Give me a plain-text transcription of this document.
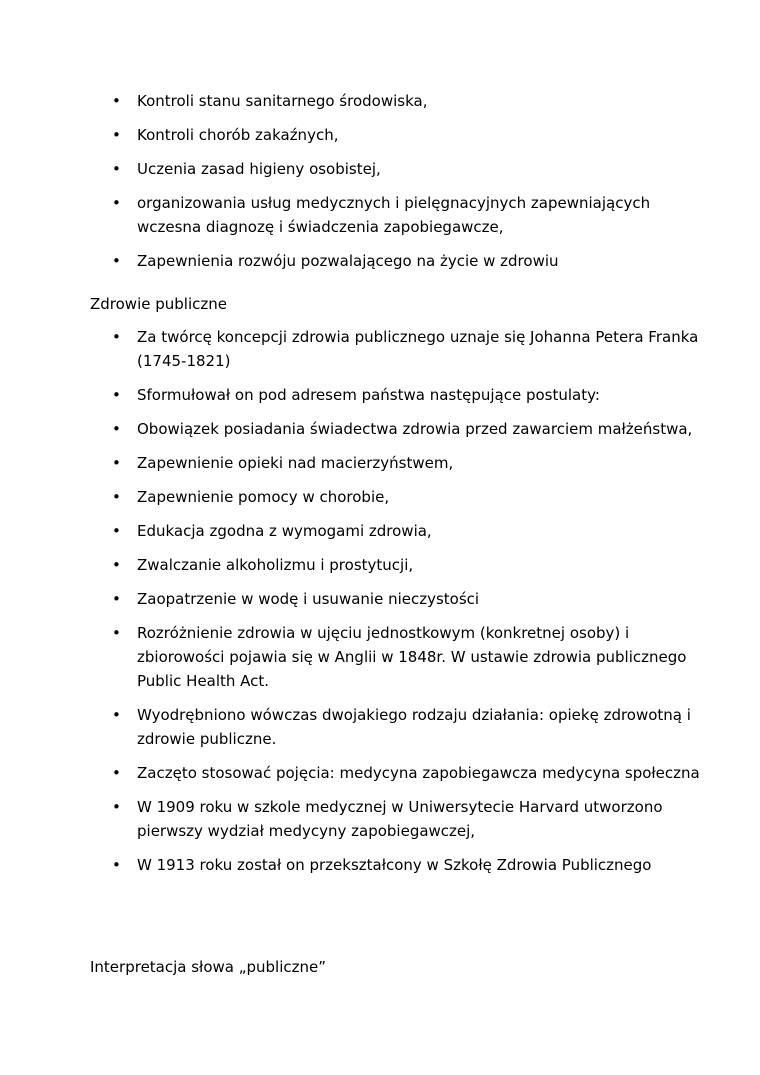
• Kontroli stanu sanitarnego środowiska,
• Kontroli chorób zakaźnych,
• Uczenia zasad higieny osobistej,
• organizowania usług medycznych i pielęgnacyjnych zapewniających wczesna diagnozę i świadczenia zapobiegawcze,
• Zapewnienia rozwóju pozwalającego na życie w zdrowiu
Zdrowie publiczne
• Za twórcę koncepcji zdrowia publicznego uznaje się Johanna Petera Franka (1745-1821)
• Sformułował on pod adresem państwa następujące postulaty:
• Obowiązek posiadania świadectwa zdrowia przed zawarciem małżeństwa,
• Zapewnienie opieki nad macierzyństwem,
• Zapewnienie pomocy w chorobie,
• Edukacja zgodna z wymogami zdrowia,
• Zwalczanie alkoholizmu i prostytucji,
• Zaopatrzenie w wodę i usuwanie nieczystości
• Rozróżnienie zdrowia w ujęciu jednostkowym (konkretnej osoby) i zbiorowości pojawia się w Anglii w 1848r. W ustawie zdrowia publicznego Public Health Act.
• Wyodrębniono wówczas dwojakiego rodzaju działania: opiekę zdrowotną i zdrowie publiczne.
• Zaczęto stosować pojęcia: medycyna zapobiegawcza medycyna społeczna
• W 1909 roku w szkole medycznej w Uniwersytecie Harvard utworzono pierwszy wydział medycyny zapobiegawczej,
• W 1913 roku został on przekształcony w Szkołę Zdrowia Publicznego
Interpretacja słowa „publiczne”
